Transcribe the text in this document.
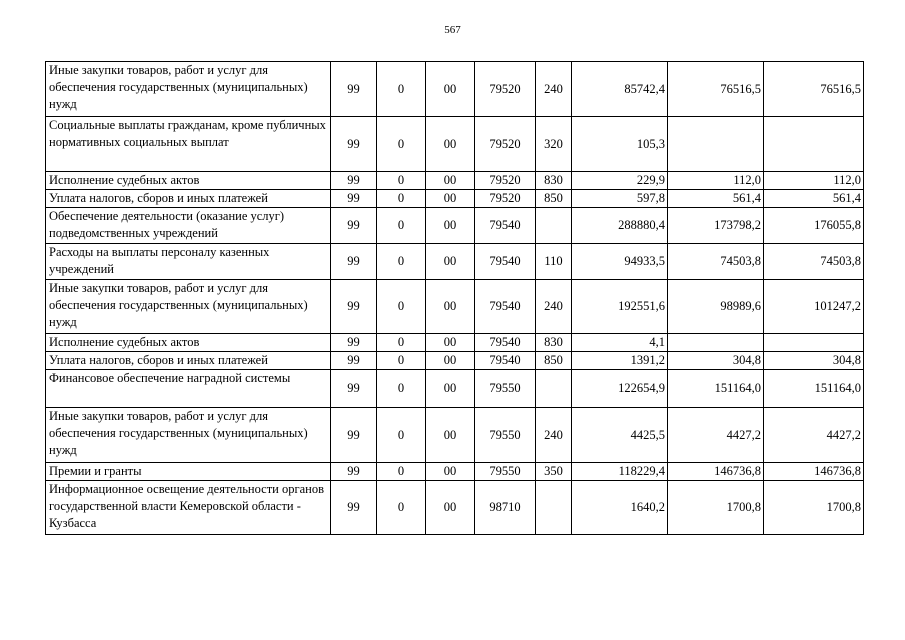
567
Иные закупки товаров, работ и услуг для обеспечения государственных (муниципальных) нужд	99	0	00	79520	240	85742,4	76516,5	76516,5
Социальные выплаты гражданам, кроме публичных нормативных социальных выплат	99	0	00	79520	320	105,3		
Исполнение судебных актов	99	0	00	79520	830	229,9	112,0	112,0
Уплата налогов, сборов и иных платежей	99	0	00	79520	850	597,8	561,4	561,4
Обеспечение деятельности (оказание услуг) подведомственных учреждений	99	0	00	79540		288880,4	173798,2	176055,8
Расходы на выплаты персоналу казенных учреждений	99	0	00	79540	110	94933,5	74503,8	74503,8
Иные закупки товаров, работ и услуг для обеспечения государственных (муниципальных) нужд	99	0	00	79540	240	192551,6	98989,6	101247,2
Исполнение судебных актов	99	0	00	79540	830	4,1		
Уплата налогов, сборов и иных платежей	99	0	00	79540	850	1391,2	304,8	304,8
Финансовое обеспечение наградной системы	99	0	00	79550		122654,9	151164,0	151164,0
Иные закупки товаров, работ и услуг для обеспечения государственных (муниципальных) нужд	99	0	00	79550	240	4425,5	4427,2	4427,2
Премии и гранты	99	0	00	79550	350	118229,4	146736,8	146736,8
Информационное освещение деятельности органов государственной власти Кемеровской области - Кузбасса	99	0	00	98710		1640,2	1700,8	1700,8
